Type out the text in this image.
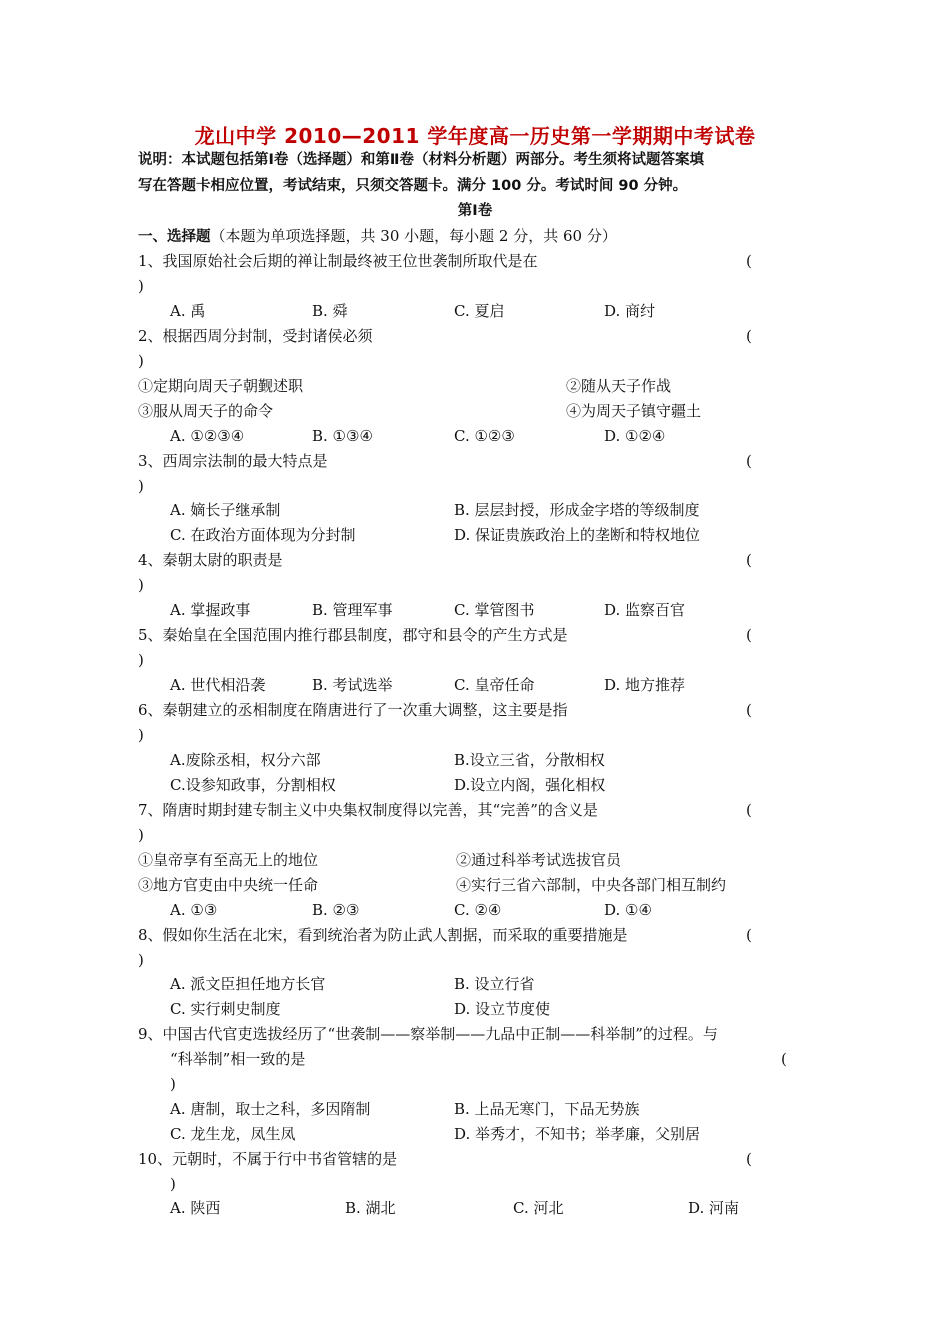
龙山中学 2010—2011 学年度高一历史第一学期期中考试卷
说明：本试题包括第Ⅰ卷（选择题）和第Ⅱ卷（材料分析题）两部分。考生须将试题答案填
写在答题卡相应位置，考试结束，只须交答题卡。满分 100 分。考试时间 90 分钟。
第Ⅰ卷
一、选择题（本题为单项选择题，共 30 小题，每小题 2 分，共 60 分）
1、我国原始社会后期的禅让制最终被王位世袭制所取代是在	(
)
A. 禹	B. 舜	C. 夏启	D. 商纣
2、根据西周分封制，受封诸侯必须	(
)
①定期向周天子朝觐述职	②随从天子作战
③服从周天子的命令	④为周天子镇守疆土
A. ①②③④	B. ①③④	C. ①②③	D. ①②④
3、西周宗法制的最大特点是	(
)
A. 嫡长子继承制	B. 层层封授，形成金字塔的等级制度
C. 在政治方面体现为分封制	D. 保证贵族政治上的垄断和特权地位
4、秦朝太尉的职责是	(
)
A. 掌握政事	B. 管理军事	C. 掌管图书	D. 监察百官
5、秦始皇在全国范围内推行郡县制度，郡守和县令的产生方式是	(
)
A. 世代相沿袭	B. 考试选举	C. 皇帝任命	D. 地方推荐
6、秦朝建立的丞相制度在隋唐进行了一次重大调整，这主要是指	(
)
A.废除丞相，权分六部	B.设立三省，分散相权
C.设参知政事，分割相权	D.设立内阁，强化相权
7、隋唐时期封建专制主义中央集权制度得以完善，其“完善”的含义是	(
)
①皇帝享有至高无上的地位	②通过科举考试选拔官员
③地方官吏由中央统一任命	④实行三省六部制，中央各部门相互制约
A. ①③	B. ②③	C. ②④	D. ①④
8、假如你生活在北宋，看到统治者为防止武人割据，而采取的重要措施是	(
)
A. 派文臣担任地方长官	B. 设立行省
C. 实行刺史制度	D. 设立节度使
9、中国古代官吏选拔经历了“世袭制——察举制——九品中正制——科举制”的过程。与
“科举制”相一致的是	(
)
A. 唐制，取士之科，多因隋制	B. 上品无寒门，下品无势族
C. 龙生龙，凤生凤	D. 举秀才，不知书；举孝廉，父别居
10、元朝时，不属于行中书省管辖的是	(
)
A. 陕西	B. 湖北	C. 河北	D. 河南
